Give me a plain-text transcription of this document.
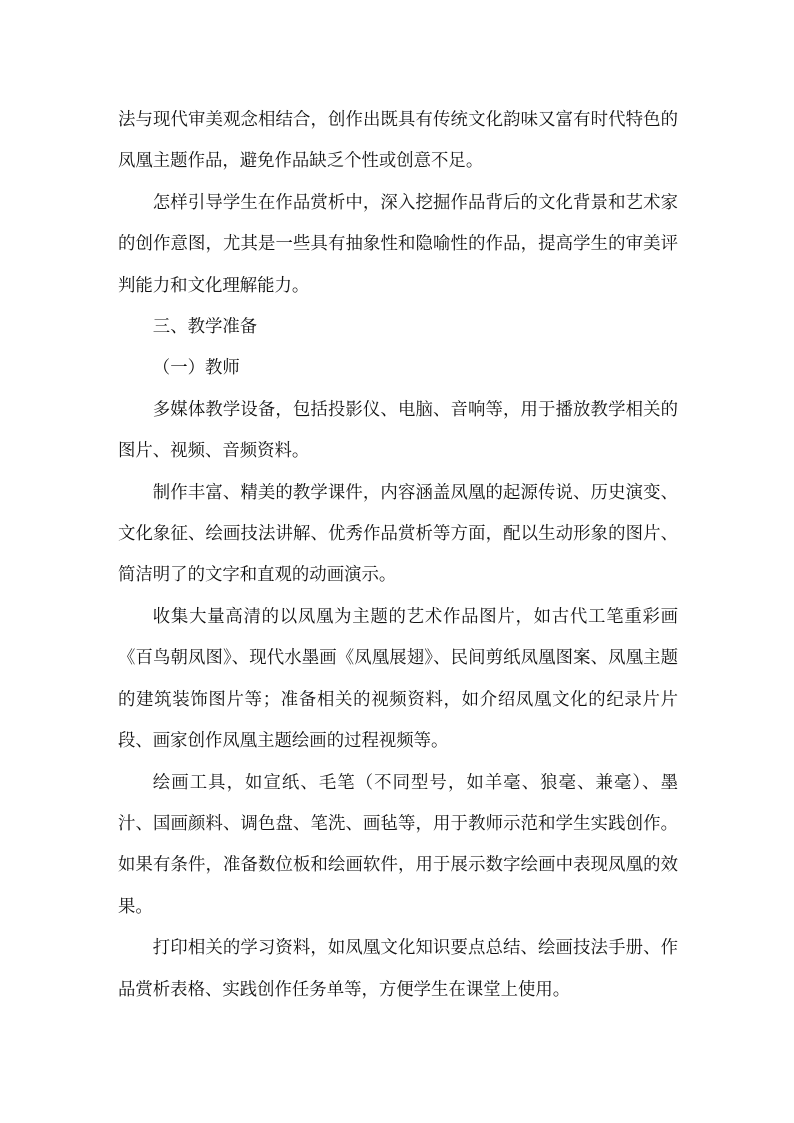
法与现代审美观念相结合，创作出既具有传统文化韵味又富有时代特色的凤凰主题作品，避免作品缺乏个性或创意不足。

怎样引导学生在作品赏析中，深入挖掘作品背后的文化背景和艺术家的创作意图，尤其是一些具有抽象性和隐喻性的作品，提高学生的审美评判能力和文化理解能力。

三、教学准备

（一）教师

多媒体教学设备，包括投影仪、电脑、音响等，用于播放教学相关的图片、视频、音频资料。

制作丰富、精美的教学课件，内容涵盖凤凰的起源传说、历史演变、文化象征、绘画技法讲解、优秀作品赏析等方面，配以生动形象的图片、简洁明了的文字和直观的动画演示。

收集大量高清的以凤凰为主题的艺术作品图片，如古代工笔重彩画《百鸟朝凤图》、现代水墨画《凤凰展翅》、民间剪纸凤凰图案、凤凰主题的建筑装饰图片等；准备相关的视频资料，如介绍凤凰文化的纪录片片段、画家创作凤凰主题绘画的过程视频等。

绘画工具，如宣纸、毛笔（不同型号，如羊毫、狼毫、兼毫）、墨汁、国画颜料、调色盘、笔洗、画毡等，用于教师示范和学生实践创作。如果有条件，准备数位板和绘画软件，用于展示数字绘画中表现凤凰的效果。

打印相关的学习资料，如凤凰文化知识要点总结、绘画技法手册、作品赏析表格、实践创作任务单等，方便学生在课堂上使用。
